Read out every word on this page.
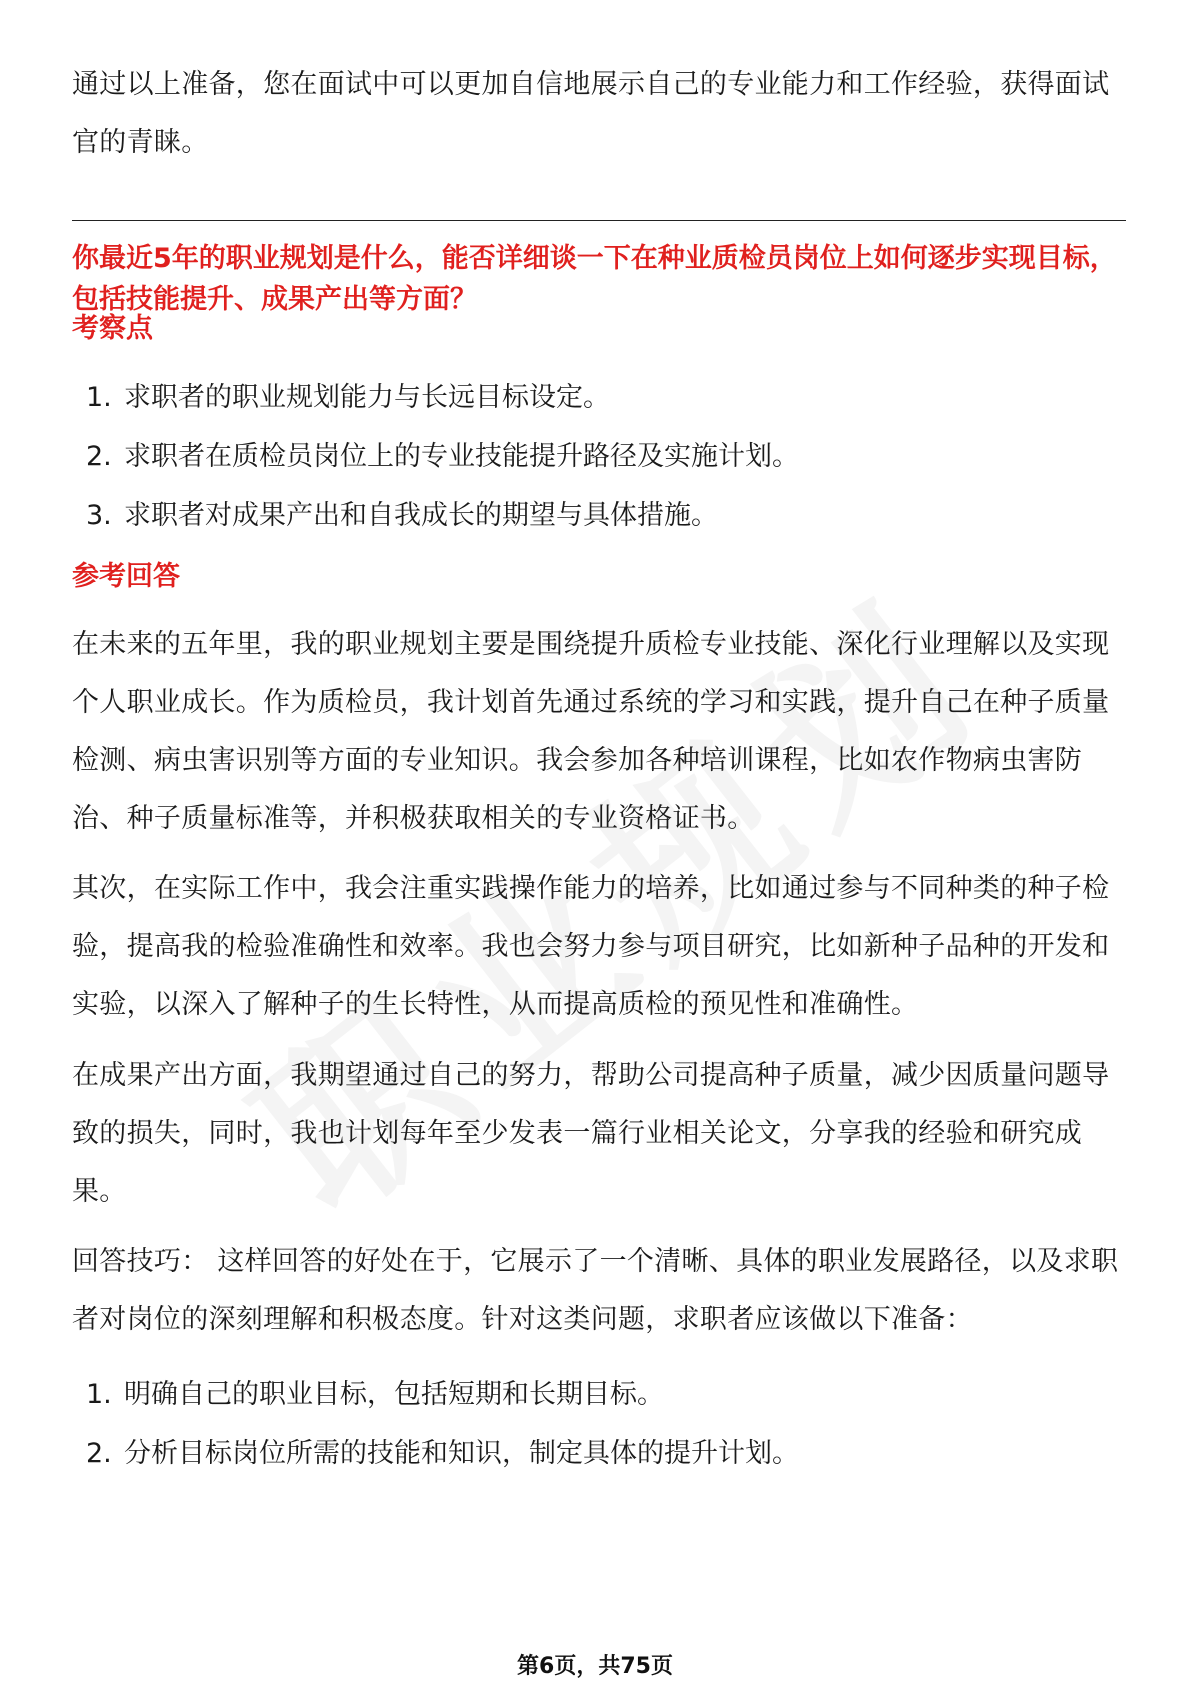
通过以上准备，您在面试中可以更加自信地展示自己的专业能力和工作经验，获得面试官的青睐。

你最近5年的职业规划是什么，能否详细谈一下在种业质检员岗位上如何逐步实现目标，包括技能提升、成果产出等方面？

考察点

1. 求职者的职业规划能力与长远目标设定。
2. 求职者在质检员岗位上的专业技能提升路径及实施计划。
3. 求职者对成果产出和自我成长的期望与具体措施。

参考回答

在未来的五年里，我的职业规划主要是围绕提升质检专业技能、深化行业理解以及实现个人职业成长。作为质检员，我计划首先通过系统的学习和实践，提升自己在种子质量检测、病虫害识别等方面的专业知识。我会参加各种培训课程，比如农作物病虫害防治、种子质量标准等，并积极获取相关的专业资格证书。

其次，在实际工作中，我会注重实践操作能力的培养，比如通过参与不同种类的种子检验，提高我的检验准确性和效率。我也会努力参与项目研究，比如新种子品种的开发和实验，以深入了解种子的生长特性，从而提高质检的预见性和准确性。

在成果产出方面，我期望通过自己的努力，帮助公司提高种子质量，减少因质量问题导致的损失，同时，我也计划每年至少发表一篇行业相关论文，分享我的经验和研究成果。

回答技巧： 这样回答的好处在于，它展示了一个清晰、具体的职业发展路径，以及求职者对岗位的深刻理解和积极态度。针对这类问题，求职者应该做以下准备：

1. 明确自己的职业目标，包括短期和长期目标。
2. 分析目标岗位所需的技能和知识，制定具体的提升计划。
第6页，共75页
